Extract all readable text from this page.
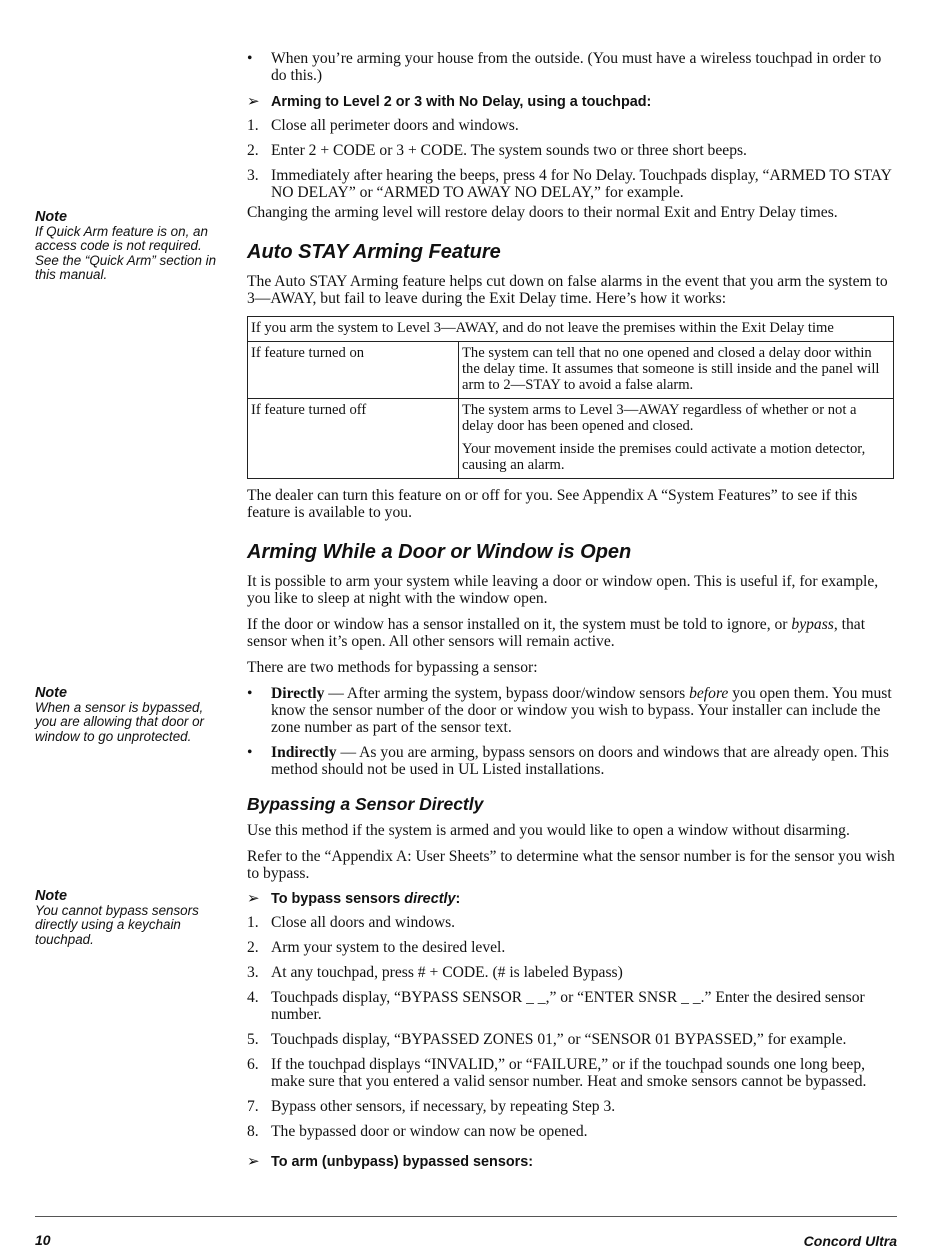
Note
If Quick Arm feature is on, an access code is not required. See the “Quick Arm” section in this manual.
Note
When a sensor is bypassed, you are allowing that door or window to go unprotected.
Note
You cannot bypass sensors directly using a keychain touchpad.
• When you’re arming your house from the outside. (You must have a wireless touchpad in order to do this.)
➢ Arming to Level 2 or 3 with No Delay, using a touchpad:
1. Close all perimeter doors and windows.
2. Enter 2 + CODE or 3 + CODE. The system sounds two or three short beeps.
3. Immediately after hearing the beeps, press 4 for No Delay. Touchpads display, “ARMED TO STAY NO DELAY” or “ARMED TO AWAY NO DELAY,” for example.

Changing the arming level will restore delay doors to their normal Exit and Entry Delay times.

Auto STAY Arming Feature

The Auto STAY Arming feature helps cut down on false alarms in the event that you arm the system to 3—AWAY, but fail to leave during the Exit Delay time. Here’s how it works:

If you arm the system to Level 3—AWAY, and do not leave the premises within the Exit Delay time	
If feature turned on	The system can tell that no one opened and closed a delay door within the delay time. It assumes that someone is still inside and the panel will arm to 2—STAY to avoid a false alarm.
If feature turned off	The system arms to Level 3—AWAY regardless of whether or not a delay door has been opened and closed.

Your movement inside the premises could activate a motion detector, causing an alarm.

The dealer can turn this feature on or off for you. See Appendix A “System Features” to see if this feature is available to you.

Arming While a Door or Window is Open

It is possible to arm your system while leaving a door or window open. This is useful if, for example, you like to sleep at night with the window open.

If the door or window has a sensor installed on it, the system must be told to ignore, or bypass, that sensor when it’s open. All other sensors will remain active.

There are two methods for bypassing a sensor:

• Directly — After arming the system, bypass door/window sensors before you open them. You must know the sensor number of the door or window you wish to bypass. Your installer can include the zone number as part of the sensor text.
• Indirectly — As you are arming, bypass sensors on doors and windows that are already open. This method should not be used in UL Listed installations.
Bypassing a Sensor Directly

Use this method if the system is armed and you would like to open a window without disarming.

Refer to the “Appendix A: User Sheets” to determine what the sensor number is for the sensor you wish to bypass.

➢ To bypass sensors directly:
1. Close all doors and windows.
2. Arm your system to the desired level.
3. At any touchpad, press # + CODE. (# is labeled Bypass)
4. Touchpads display, “BYPASS SENSOR _ _,” or “ENTER SNSR _ _.” Enter the desired sensor number.
5. Touchpads display, “BYPASSED ZONES 01,” or “SENSOR 01 BYPASSED,” for example.
6. If the touchpad displays “INVALID,” or “FAILURE,” or if the touchpad sounds one long beep, make sure that you entered a valid sensor number. Heat and smoke sensors cannot be bypassed.
7. Bypass other sensors, if necessary, by repeating Step 3.
8. The bypassed door or window can now be opened.
➢ To arm (unbypass) bypassed sensors:
10	Concord Ultra
